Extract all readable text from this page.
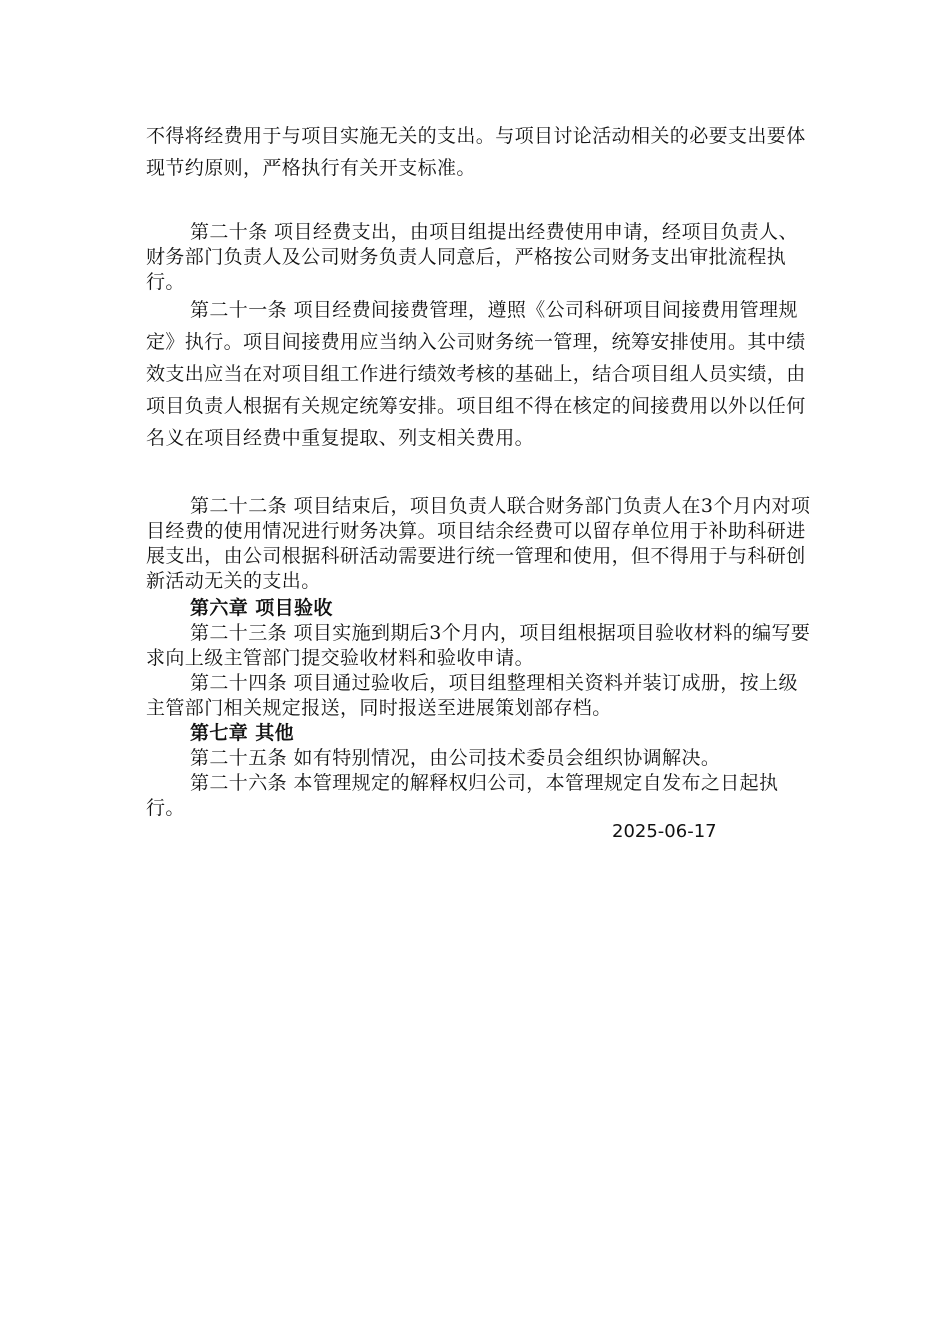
不得将经费用于与项目实施无关的支出。与项目讨论活动相关的必要支出要体现节约原则，严格执行有关开支标准。

第二十条 项目经费支出，由项目组提出经费使用申请，经项目负责人、财务部门负责人及公司财务负责人同意后，严格按公司财务支出审批流程执行。

第二十一条 项目经费间接费管理，遵照《公司科研项目间接费用管理规定》执行。项目间接费用应当纳入公司财务统一管理，统筹安排使用。其中绩效支出应当在对项目组工作进行绩效考核的基础上，结合项目组人员实绩，由项目负责人根据有关规定统筹安排。项目组不得在核定的间接费用以外以任何名义在项目经费中重复提取、列支相关费用。

第二十二条 项目结束后，项目负责人联合财务部门负责人在3个月内对项目经费的使用情况进行财务决算。项目结余经费可以留存单位用于补助科研进展支出，由公司根据科研活动需要进行统一管理和使用，但不得用于与科研创新活动无关的支出。

第六章 项目验收

第二十三条 项目实施到期后3个月内，项目组根据项目验收材料的编写要求向上级主管部门提交验收材料和验收申请。

第二十四条 项目通过验收后，项目组整理相关资料并装订成册，按上级主管部门相关规定报送，同时报送至进展策划部存档。

第七章 其他

第二十五条 如有特别情况，由公司技术委员会组织协调解决。

第二十六条 本管理规定的解释权归公司，本管理规定自发布之日起执行。

2025-06-17
